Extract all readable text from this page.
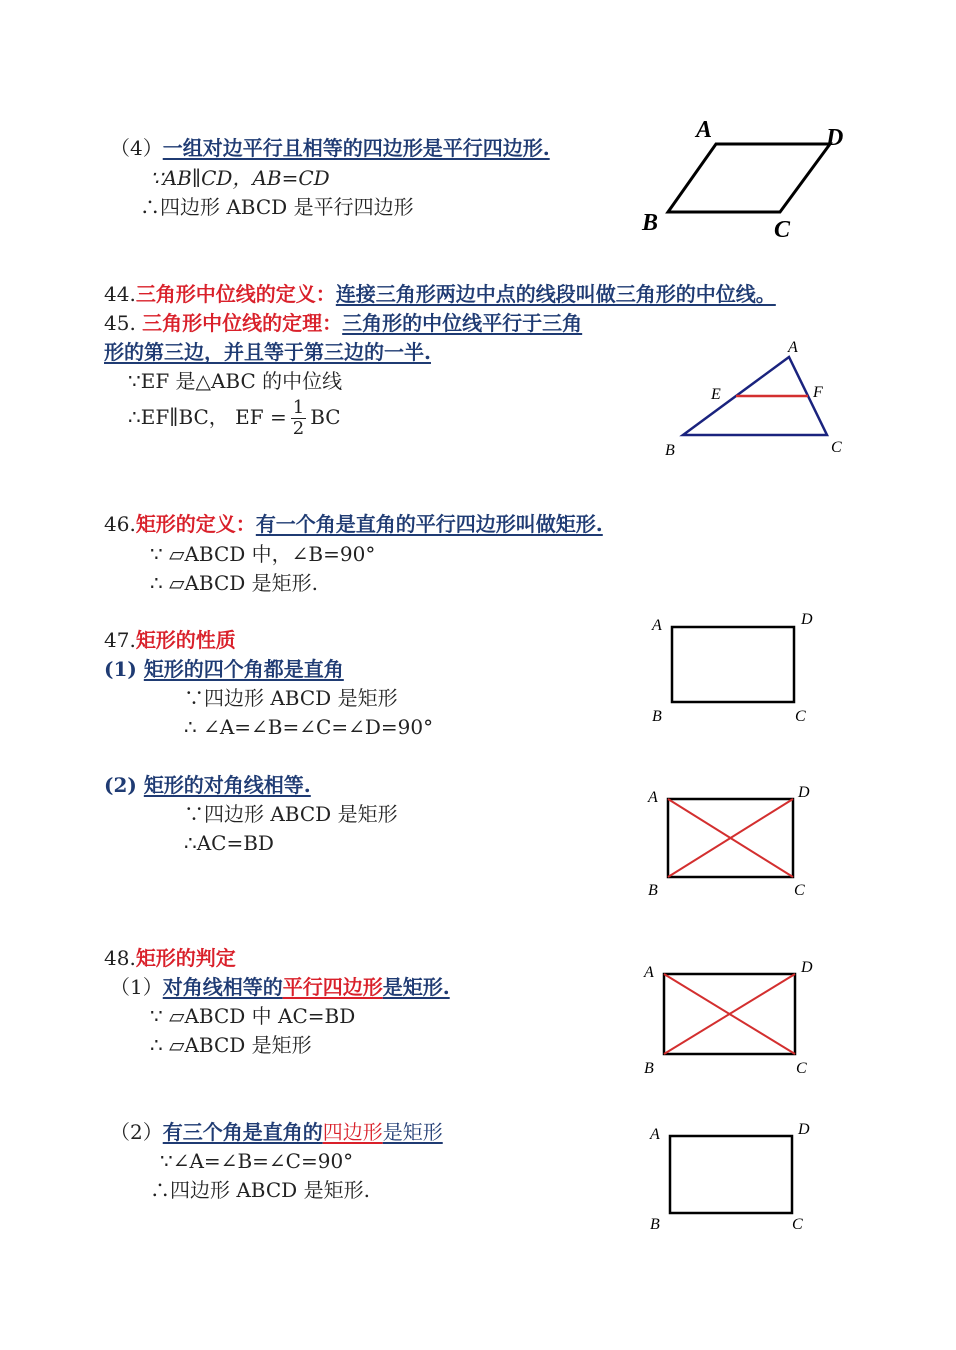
（4）一组对边平行且相等的四边形是平行四边形.
∵AB∥CD，AB=CD
∴四边形 ABCD 是平行四边形
A	D
B	C
44.三角形中位线的定义：连接三角形两边中点的线段叫做三角形的中位线。
45. 三角形中位线的定理：三角形的中位线平行于三角
形的第三边，并且等于第三边的一半.
∵EF 是△ABC 的中位线
∴EF∥BC， EF = $\frac{1}{2}$ BC
A
E	F
B	C
46.矩形的定义：有一个角是直角的平行四边形叫做矩形.
∵ ▱ABCD 中，∠B=90°
∴ ▱ABCD 是矩形.
47.矩形的性质
(1) 矩形的四个角都是直角
∵四边形 ABCD 是矩形
∴ ∠A=∠B=∠C=∠D=90°
A	D
B	C
(2) 矩形的对角线相等.
∵四边形 ABCD 是矩形
∴AC=BD
A	D
B	C
48.矩形的判定
（1）对角线相等的平行四边形是矩形.
∵ ▱ABCD 中 AC=BD
∴ ▱ABCD 是矩形
A	D
B	C
（2）有三个角是直角的四边形是矩形
∵∠A=∠B=∠C=90°
∴四边形 ABCD 是矩形.
A	D
B	C
